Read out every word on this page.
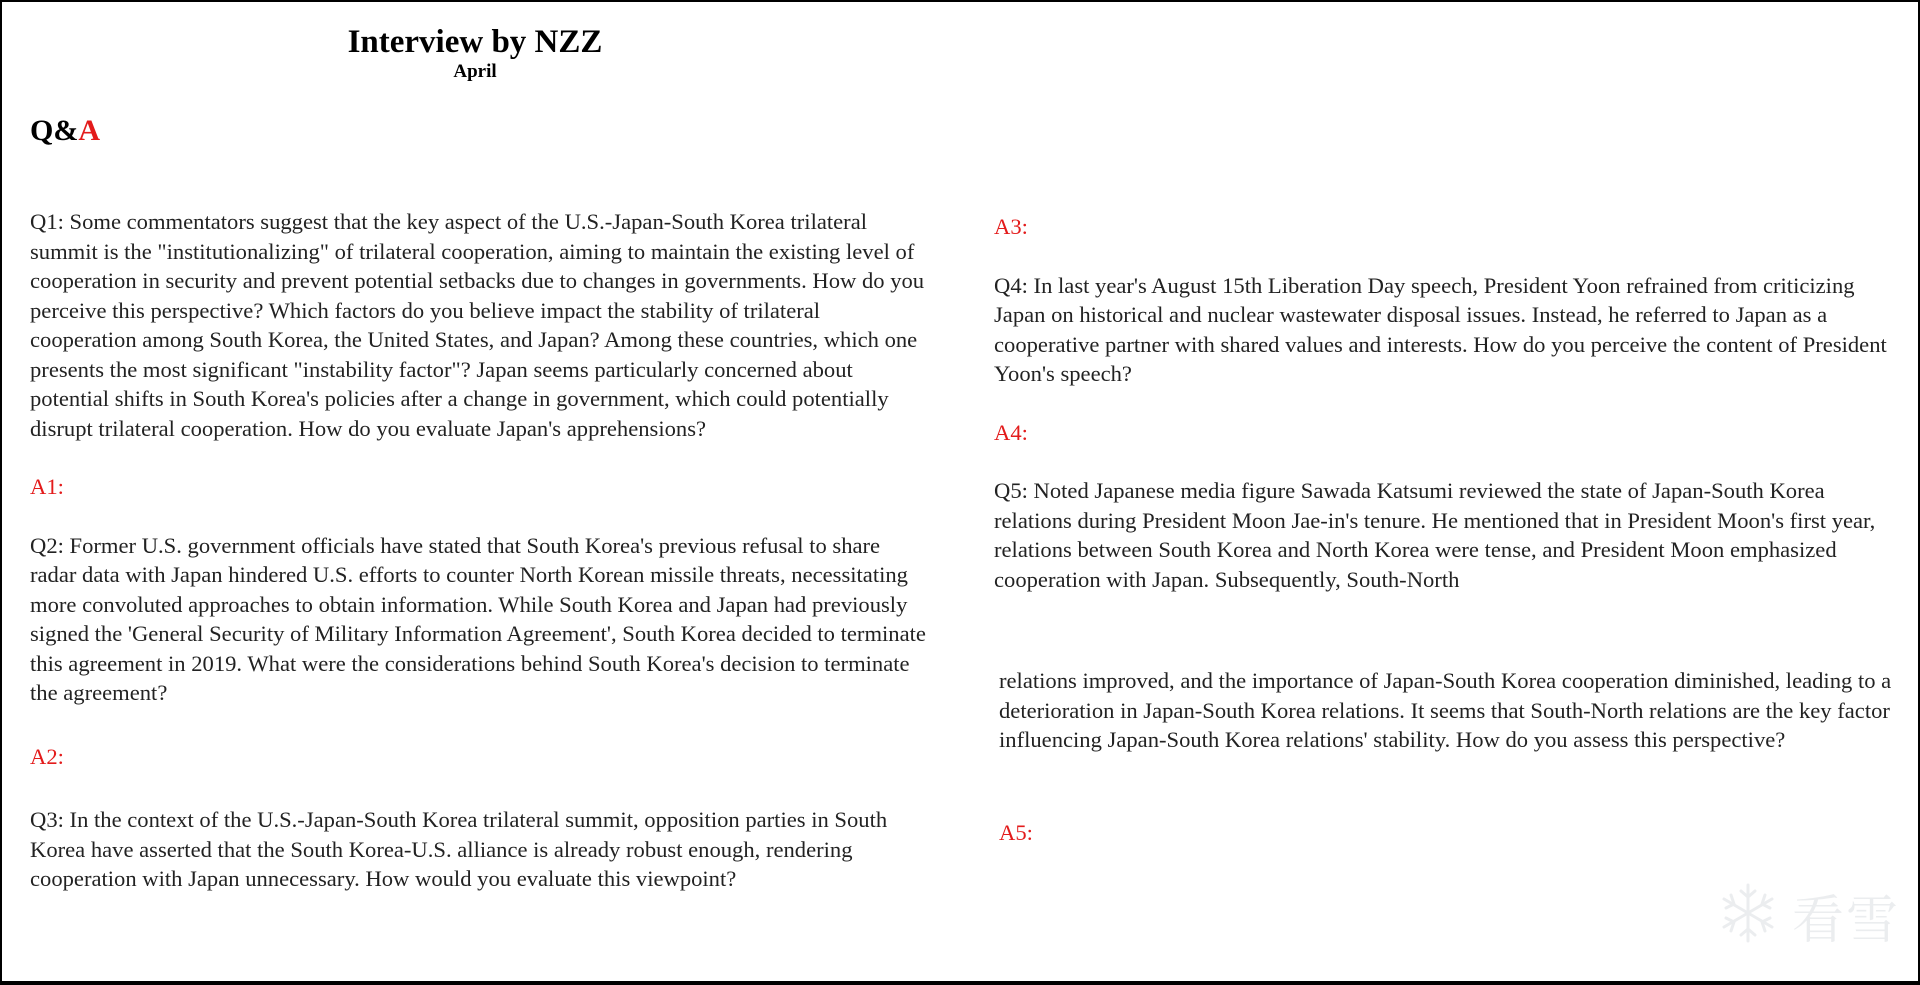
Interview by NZZ
April
Q&A

Q1: Some commentators suggest that the key aspect of the U.S.-Japan-South Korea trilateral summit is the "institutionalizing" of trilateral cooperation, aiming to maintain the existing level of cooperation in security and prevent potential setbacks due to changes in governments. How do you perceive this perspective? Which factors do you believe impact the stability of trilateral cooperation among South Korea, the United States, and Japan? Among these countries, which one presents the most significant "instability factor"? Japan seems particularly concerned about potential shifts in South Korea's policies after a change in government, which could potentially disrupt trilateral cooperation. How do you evaluate Japan's apprehensions?

A1:

Q2: Former U.S. government officials have stated that South Korea's previous refusal to share radar data with Japan hindered U.S. efforts to counter North Korean missile threats, necessitating more convoluted approaches to obtain information. While South Korea and Japan had previously signed the 'General Security of Military Information Agreement', South Korea decided to terminate this agreement in 2019. What were the considerations behind South Korea's decision to terminate the agreement?

A2:

Q3: In the context of the U.S.-Japan-South Korea trilateral summit, opposition parties in South Korea have asserted that the South Korea-U.S. alliance is already robust enough, rendering cooperation with Japan unnecessary. How would you evaluate this viewpoint?

A3:

Q4: In last year's August 15th Liberation Day speech, President Yoon refrained from criticizing Japan on historical and nuclear wastewater disposal issues. Instead, he referred to Japan as a cooperative partner with shared values and interests. How do you perceive the content of President Yoon's speech?

A4:

Q5: Noted Japanese media figure Sawada Katsumi reviewed the state of Japan-South Korea relations during President Moon Jae-in's tenure. He mentioned that in President Moon's first year, relations between South Korea and North Korea were tense, and President Moon emphasized cooperation with Japan. Subsequently, South-North

relations improved, and the importance of Japan-South Korea cooperation diminished, leading to a deterioration in Japan-South Korea relations. It seems that South-North relations are the key factor influencing Japan-South Korea relations' stability. How do you assess this perspective?

A5:

看雪
